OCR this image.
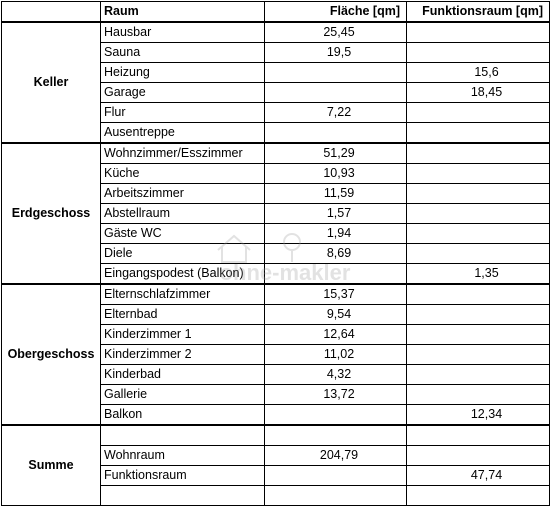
	Raum	Fläche [qm]	Funktionsraum [qm]
Keller	Hausbar	25,45	
	Sauna	19,5	
	Heizung		15,6
	Garage		18,45
	Flur	7,22	
	Ausentreppe		
Erdgeschoss	Wohnzimmer/Esszimmer	51,29	
	Küche	10,93	
	Arbeitszimmer	11,59	
	Abstellraum	1,57	
	Gäste WC	1,94	
	Diele	8,69	
	Eingangspodest (Balkon)		1,35
Obergeschoss	Elternschlafzimmer	15,37	
	Elternbad	9,54	
	Kinderzimmer 1	12,64	
	Kinderzimmer 2	11,02	
	Kinderbad	4,32	
	Gallerie	13,72	
	Balkon		12,34
Summe			
	Wohnraum	204,79	
	Funktionsraum		47,74

ohne-makler
